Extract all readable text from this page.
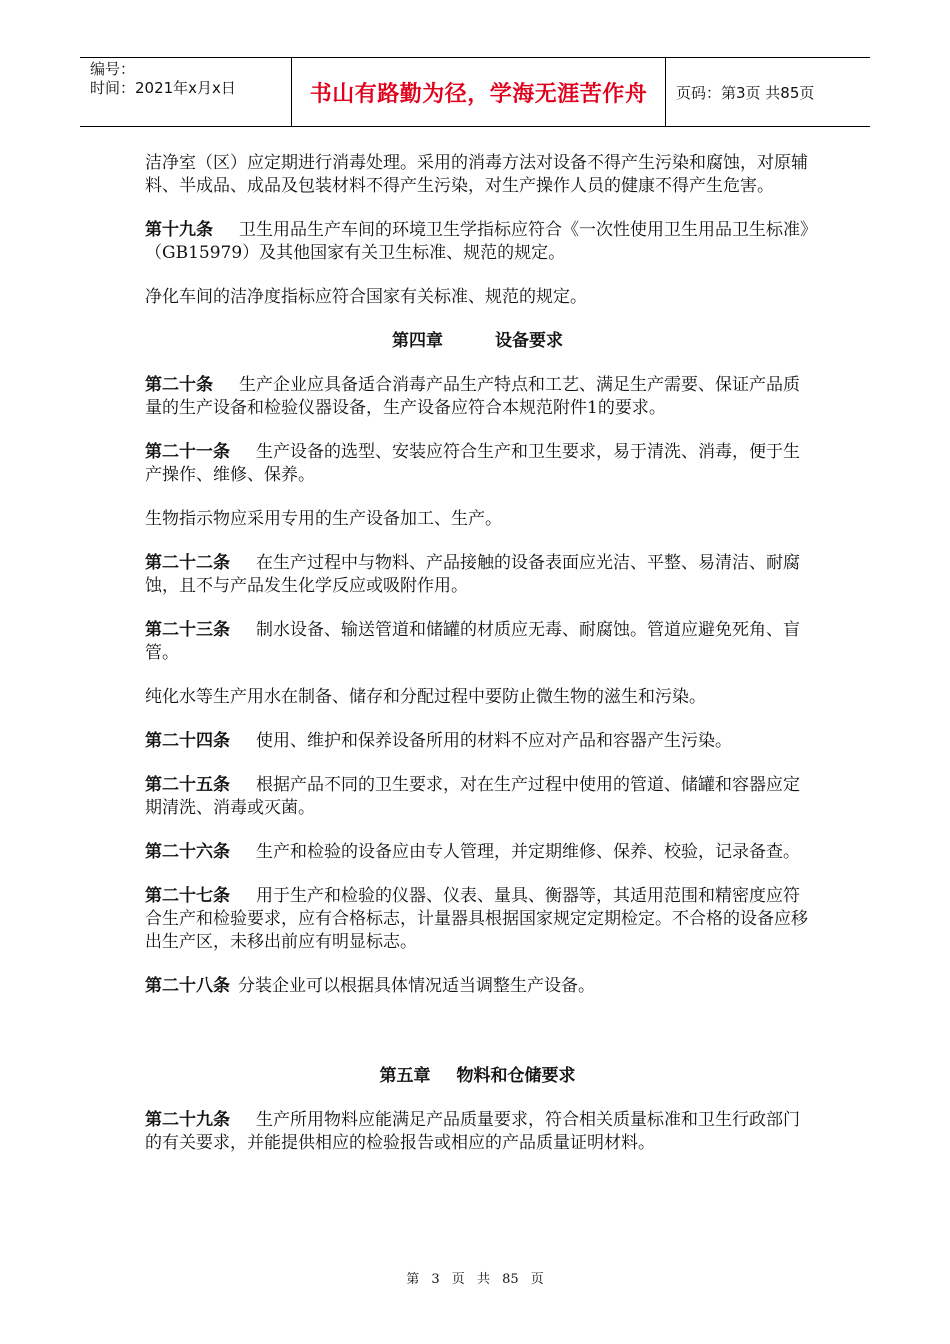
编号：
时间：2021年x月x日	书山有路勤为径，学海无涯苦作舟	页码：第3页 共85页

洁净室（区）应定期进行消毒处理。采用的消毒方法对设备不得产生污染和腐蚀，对原辅料、半成品、成品及包装材料不得产生污染，对生产操作人员的健康不得产生危害。

第十九条 卫生用品生产车间的环境卫生学指标应符合《一次性使用卫生用品卫生标准》（GB15979）及其他国家有关卫生标准、规范的规定。

净化车间的洁净度指标应符合国家有关标准、规范的规定。

第四章	设备要求

第二十条 生产企业应具备适合消毒产品生产特点和工艺、满足生产需要、保证产品质量的生产设备和检验仪器设备，生产设备应符合本规范附件1的要求。

第二十一条 生产设备的选型、安装应符合生产和卫生要求，易于清洗、消毒，便于生产操作、维修、保养。

生物指示物应采用专用的生产设备加工、生产。

第二十二条 在生产过程中与物料、产品接触的设备表面应光洁、平整、易清洁、耐腐蚀，且不与产品发生化学反应或吸附作用。

第二十三条 制水设备、输送管道和储罐的材质应无毒、耐腐蚀。管道应避免死角、盲管。

纯化水等生产用水在制备、储存和分配过程中要防止微生物的滋生和污染。

第二十四条 使用、维护和保养设备所用的材料不应对产品和容器产生污染。

第二十五条 根据产品不同的卫生要求，对在生产过程中使用的管道、储罐和容器应定期清洗、消毒或灭菌。

第二十六条 生产和检验的设备应由专人管理，并定期维修、保养、校验，记录备查。

第二十七条 用于生产和检验的仪器、仪表、量具、衡器等，其适用范围和精密度应符合生产和检验要求，应有合格标志，计量器具根据国家规定定期检定。不合格的设备应移出生产区，未移出前应有明显标志。

第二十八条 分装企业可以根据具体情况适当调整生产设备。

第五章 物料和仓储要求

第二十九条 生产所用物料应能满足产品质量要求，符合相关质量标准和卫生行政部门的有关要求，并能提供相应的检验报告或相应的产品质量证明材料。

第 3 页 共 85 页
